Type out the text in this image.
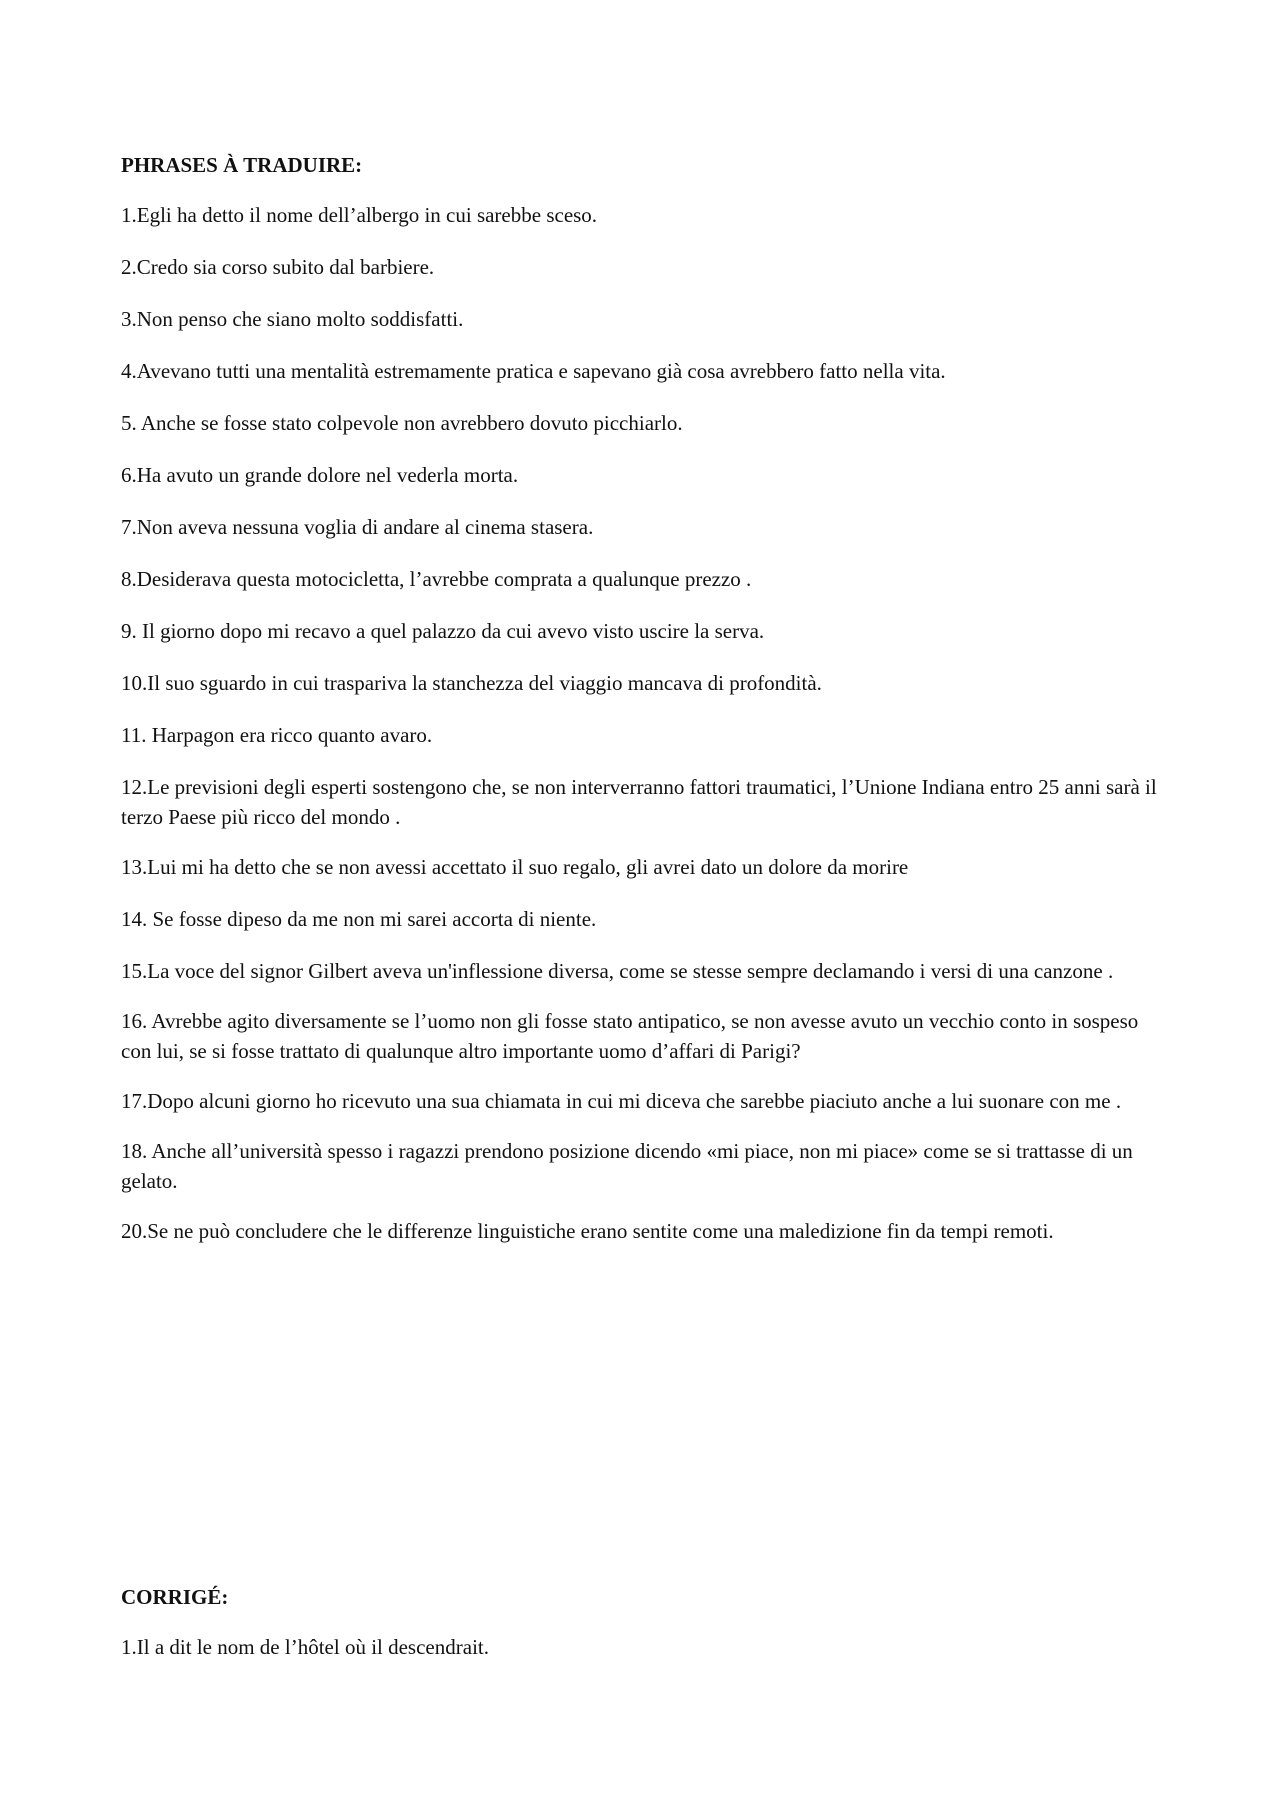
PHRASES À TRADUIRE:
1.Egli ha detto il nome dell’albergo in cui sarebbe sceso.
2.Credo sia corso subito dal barbiere.
3.Non penso che siano molto soddisfatti.
4.Avevano tutti una mentalità estremamente pratica e sapevano già cosa avrebbero fatto nella vita.
5. Anche se fosse stato colpevole non avrebbero dovuto picchiarlo.
6.Ha avuto un grande dolore nel vederla morta.
7.Non aveva nessuna voglia di andare al cinema stasera.
8.Desiderava questa motocicletta, l’avrebbe comprata a qualunque prezzo .
9. Il giorno dopo mi recavo a quel palazzo da cui avevo visto uscire la serva.
10.Il suo sguardo in cui traspariva la stanchezza del viaggio mancava di profondità.
11. Harpagon era ricco quanto avaro.
12.Le previsioni degli esperti sostengono che, se non interverranno fattori traumatici, l’Unione Indiana entro 25 anni sarà il terzo Paese più ricco del mondo .
13.Lui mi ha detto che se non avessi accettato il suo regalo, gli avrei dato un dolore da morire
14. Se fosse dipeso da me non mi sarei accorta di niente.
15.La voce del signor Gilbert aveva un'inflessione diversa, come se stesse sempre declamando i versi di una canzone .
16. Avrebbe agito diversamente se l’uomo non gli fosse stato antipatico, se non avesse avuto un vecchio conto in sospeso con lui, se si fosse trattato di qualunque altro importante uomo d’affari di Parigi?
17.Dopo alcuni giorno ho ricevuto una sua chiamata in cui mi diceva che sarebbe piaciuto anche a lui suonare con me .
18. Anche all’università spesso i ragazzi prendono posizione dicendo «mi piace, non mi piace» come se si trattasse di un gelato.
20.Se ne può concludere che le differenze linguistiche erano sentite come una maledizione fin da tempi remoti.
CORRIGÉ:
1.Il a dit le nom de l’hôtel où il descendrait.
